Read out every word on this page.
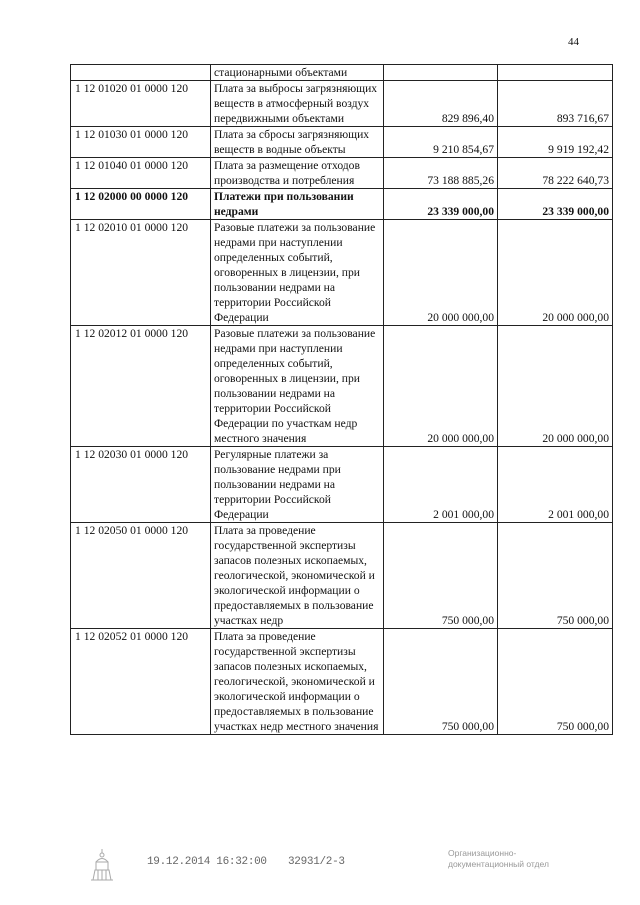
44
	стационарными объектами		
1 12 01020 01 0000 120	Плата за выбросы загрязняющих веществ в атмосферный воздух передвижными объектами	829 896,40	893 716,67
1 12 01030 01 0000 120	Плата за сбросы загрязняющих веществ в водные объекты	9 210 854,67	9 919 192,42
1 12 01040 01 0000 120	Плата за размещение отходов производства и потребления	73 188 885,26	78 222 640,73
1 12 02000 00 0000 120	Платежи при пользовании недрами	23 339 000,00	23 339 000,00
1 12 02010 01 0000 120	Разовые платежи за пользование недрами при наступлении определенных событий, оговоренных в лицензии, при пользовании недрами на территории Российской Федерации	20 000 000,00	20 000 000,00
1 12 02012 01 0000 120	Разовые платежи за пользование недрами при наступлении определенных событий, оговоренных в лицензии, при пользовании недрами на территории Российской Федерации по участкам недр местного значения	20 000 000,00	20 000 000,00
1 12 02030 01 0000 120	Регулярные платежи за пользование недрами при пользовании недрами на территории Российской Федерации	2 001 000,00	2 001 000,00
1 12 02050 01 0000 120	Плата за проведение государственной экспертизы запасов полезных ископаемых, геологической, экономической и экологической информации о предоставляемых в пользование участках недр	750 000,00	750 000,00
1 12 02052 01 0000 120	Плата за проведение государственной экспертизы запасов полезных ископаемых, геологической, экономической и экологической информации о предоставляемых в пользование участках недр местного значения	750 000,00	750 000,00
19.12.2014 16:32:00 32931/2-3
Организационно-
документационный отдел
